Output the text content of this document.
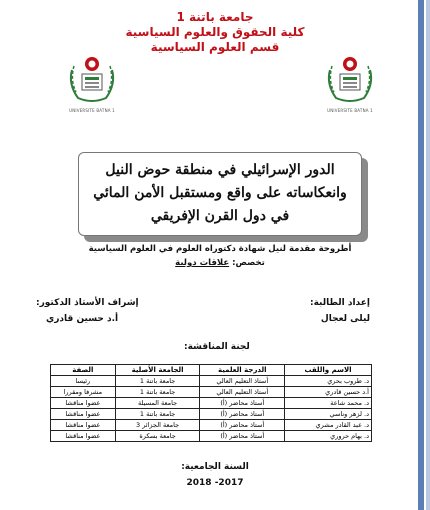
جامعة باتنة 1
كلية الحقوق والعلوم السياسية
قسم العلوم السياسية
UNIVERSITE BATNA 1	UNIVERSITE BATNA 1
الدور الإسرائيلي في منطقة حوض النيل
وانعكاساته على واقع ومستقبل الأمن المائي
في دول القرن الإفريقي
أطروحة مقدمة لنيل شهادة دكتوراه العلوم في العلوم السياسية
تخصص: علاقات دولية
إعداد الطالبة:
ليلى لعجال
إشراف الأستاذ الدكتور:
أ.د حسين قادري
لجنة المناقشة:
الاسم واللقب	الدرجة العلمية	الجامعة الأصلية	الصفة
د. طروب بحري	أستاذ التعليم العالي	جامعة باتنة 1	رئيسا
أ.د حسين قادري	أستاذ التعليم العالي	جامعة باتنة 1	مشرفا ومقررا
د. محمد شاعة	أستاذ محاضر (أ)	جامعة المسيلة	عضوا مناقشا
د. لزهر وناسي	أستاذ محاضر (أ)	جامعة باتنة 1	عضوا مناقشا
د. عبد القادر مشري	أستاذ محاضر (أ)	جامعة الجزائر 3	عضوا مناقشا
د. بهام حروري	أستاذ محاضر (أ)	جامعة بسكرة	عضوا مناقشا
السنة الجامعية:
2018 -2017
